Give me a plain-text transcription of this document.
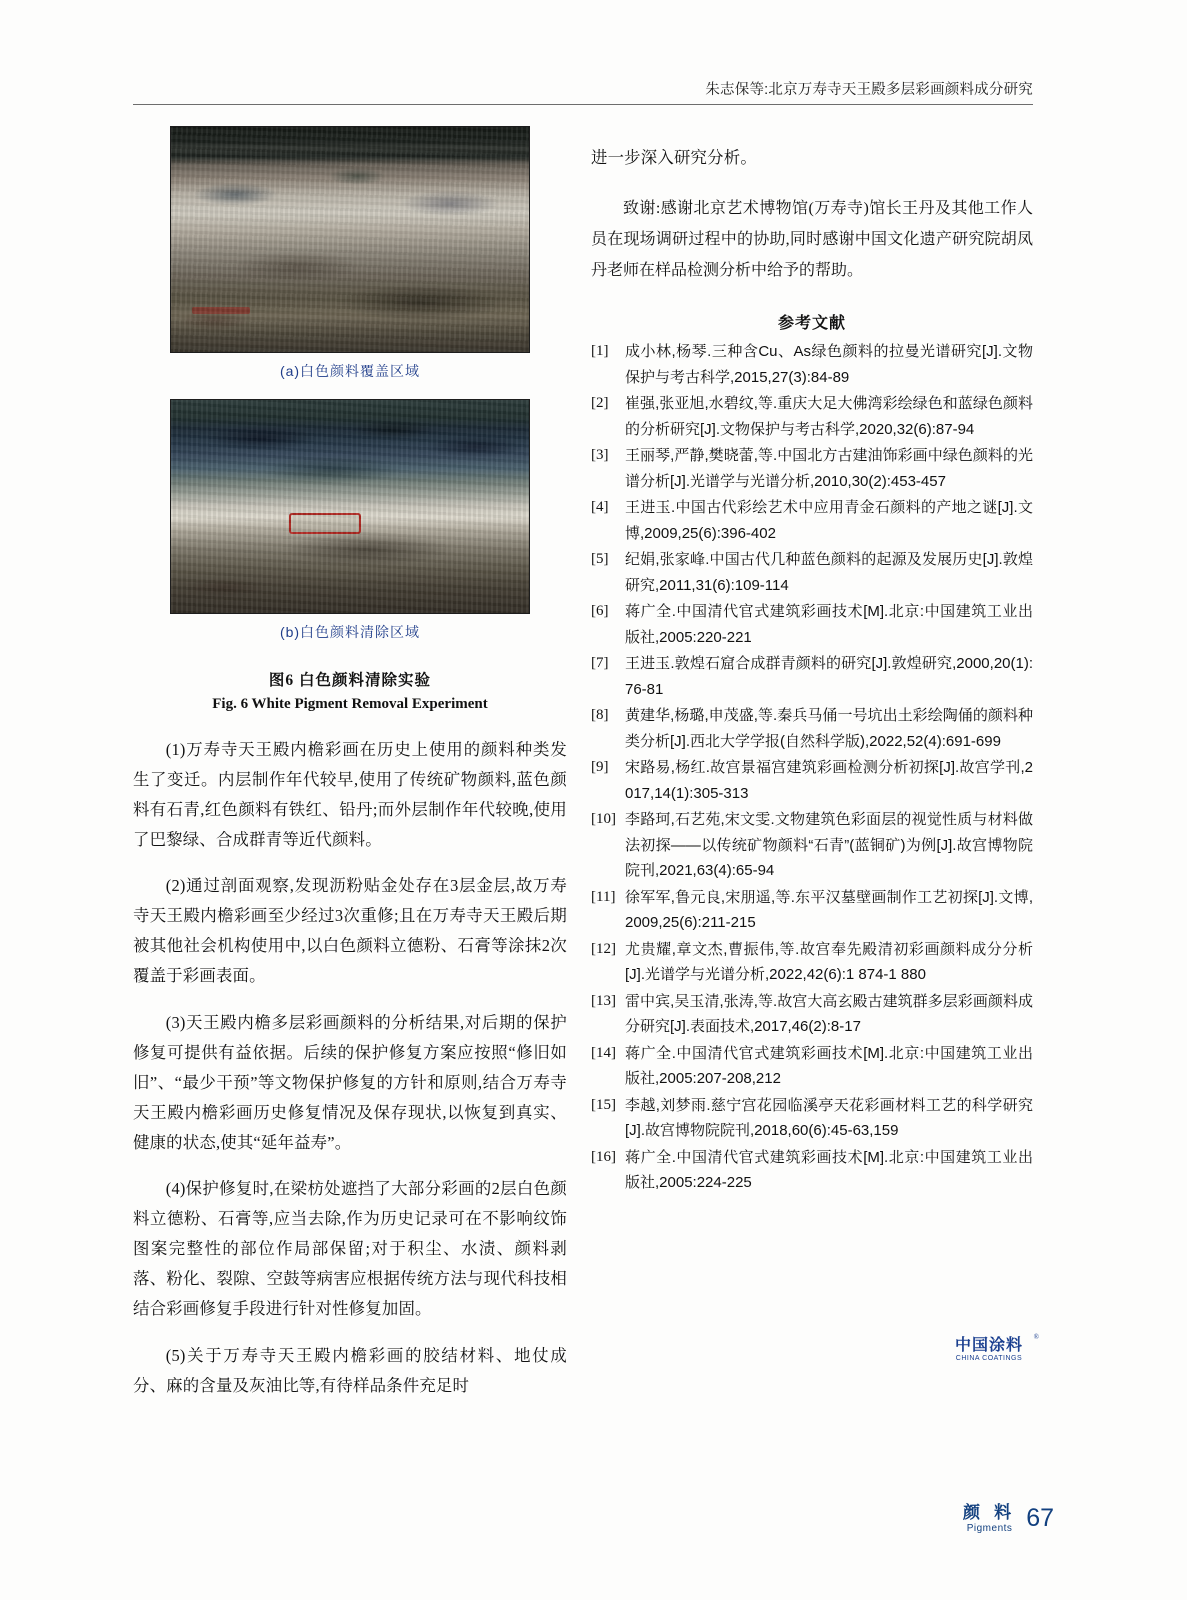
朱志保等:北京万寿寺天王殿多层彩画颜料成分研究
(a)白色颜料覆盖区域
(b)白色颜料清除区域
图6 白色颜料清除实验
Fig. 6 White Pigment Removal Experiment

(1)万寿寺天王殿内檐彩画在历史上使用的颜料种类发生了变迁。内层制作年代较早,使用了传统矿物颜料,蓝色颜料有石青,红色颜料有铁红、铅丹;而外层制作年代较晚,使用了巴黎绿、合成群青等近代颜料。

(2)通过剖面观察,发现沥粉贴金处存在3层金层,故万寿寺天王殿内檐彩画至少经过3次重修;且在万寿寺天王殿后期被其他社会机构使用中,以白色颜料立德粉、石膏等涂抹2次覆盖于彩画表面。

(3)天王殿内檐多层彩画颜料的分析结果,对后期的保护修复可提供有益依据。后续的保护修复方案应按照“修旧如旧”、“最少干预”等文物保护修复的方针和原则,结合万寿寺天王殿内檐彩画历史修复情况及保存现状,以恢复到真实、健康的状态,使其“延年益寿”。

(4)保护修复时,在梁枋处遮挡了大部分彩画的2层白色颜料立德粉、石膏等,应当去除,作为历史记录可在不影响纹饰图案完整性的部位作局部保留;对于积尘、水渍、颜料剥落、粉化、裂隙、空鼓等病害应根据传统方法与现代科技相结合彩画修复手段进行针对性修复加固。

(5)关于万寿寺天王殿内檐彩画的胶结材料、地仗成分、麻的含量及灰油比等,有待样品条件充足时

进一步深入研究分析。

致谢:感谢北京艺术博物馆(万寿寺)馆长王丹及其他工作人员在现场调研过程中的协助,同时感谢中国文化遗产研究院胡凤丹老师在样品检测分析中给予的帮助。

参考文献
[1]	成小林,杨琴.三种含Cu、As绿色颜料的拉曼光谱研究[J].文物保护与考古科学,2015,27(3):84-89
[2]	崔强,张亚旭,水碧纹,等.重庆大足大佛湾彩绘绿色和蓝绿色颜料的分析研究[J].文物保护与考古科学,2020,32(6):87-94
[3]	王丽琴,严静,樊晓蕾,等.中国北方古建油饰彩画中绿色颜料的光谱分析[J].光谱学与光谱分析,2010,30(2):453-457
[4]	王进玉.中国古代彩绘艺术中应用青金石颜料的产地之谜[J].文博,2009,25(6):396-402
[5]	纪娟,张家峰.中国古代几种蓝色颜料的起源及发展历史[J].敦煌研究,2011,31(6):109-114
[6]	蒋广全.中国清代官式建筑彩画技术[M].北京:中国建筑工业出版社,2005:220-221
[7]	王进玉.敦煌石窟合成群青颜料的研究[J].敦煌研究,2000,20(1):76-81
[8]	黄建华,杨璐,申茂盛,等.秦兵马俑一号坑出土彩绘陶俑的颜料种类分析[J].西北大学学报(自然科学版),2022,52(4):691-699
[9]	宋路易,杨红.故宫景福宫建筑彩画检测分析初探[J].故宫学刊,2017,14(1):305-313
[10] 李路珂,石艺苑,宋文雯.文物建筑色彩面层的视觉性质与材料做法初探——以传统矿物颜料“石青”(蓝铜矿)为例[J].故宫博物院院刊,2021,63(4):65-94
[11] 徐军军,鲁元良,宋朋遥,等.东平汉墓壁画制作工艺初探[J].文博,2009,25(6):211-215
[12] 尤贵耀,章文杰,曹振伟,等.故宫奉先殿清初彩画颜料成分分析[J].光谱学与光谱分析,2022,42(6):1 874-1 880
[13] 雷中宾,吴玉清,张涛,等.故宫大高玄殿古建筑群多层彩画颜料成分研究[J].表面技术,2017,46(2):8-17
[14] 蒋广全.中国清代官式建筑彩画技术[M].北京:中国建筑工业出版社,2005:207-208,212
[15] 李越,刘梦雨.慈宁宫花园临溪亭天花彩画材料工艺的科学研究[J].故宫博物院院刊,2018,60(6):45-63,159
[16] 蒋广全.中国清代官式建筑彩画技术[M].北京:中国建筑工业出版社,2005:224-225
®
中国涂料
CHINA COATINGS
颜 料
Pigments 67
